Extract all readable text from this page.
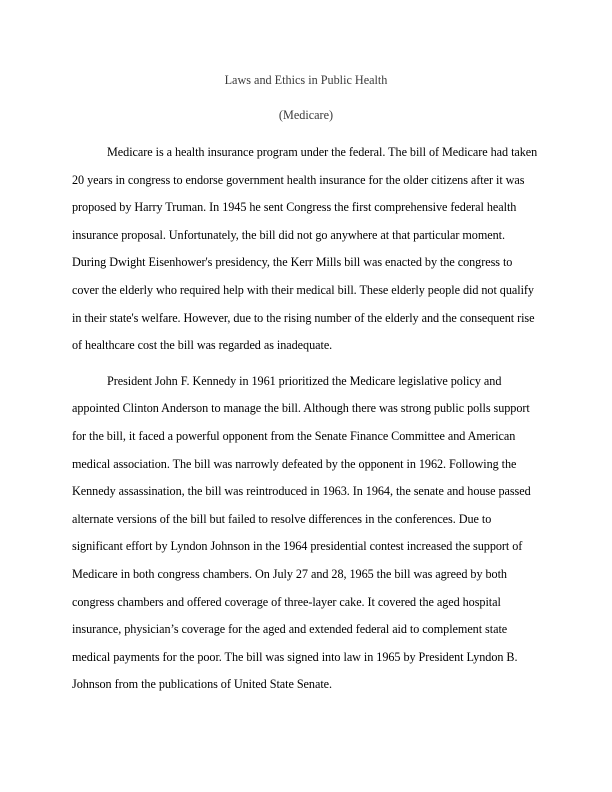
Laws and Ethics in Public Health

(Medicare)

Medicare is a health insurance program under the federal. The bill of Medicare had taken
20 years in congress to endorse government health insurance for the older citizens after it was
proposed by Harry Truman. In 1945 he sent Congress the first comprehensive federal health
insurance proposal. Unfortunately, the bill did not go anywhere at that particular moment.
During Dwight Eisenhower's presidency, the Kerr Mills bill was enacted by the congress to
cover the elderly who required help with their medical bill. These elderly people did not qualify
in their state's welfare. However, due to the rising number of the elderly and the consequent rise
of healthcare cost the bill was regarded as inadequate.

President John F. Kennedy in 1961 prioritized the Medicare legislative policy and
appointed Clinton Anderson to manage the bill. Although there was strong public polls support
for the bill, it faced a powerful opponent from the Senate Finance Committee and American
medical association. The bill was narrowly defeated by the opponent in 1962. Following the
Kennedy assassination, the bill was reintroduced in 1963. In 1964, the senate and house passed
alternate versions of the bill but failed to resolve differences in the conferences. Due to
significant effort by Lyndon Johnson in the 1964 presidential contest increased the support of
Medicare in both congress chambers. On July 27 and 28, 1965 the bill was agreed by both
congress chambers and offered coverage of three-layer cake. It covered the aged hospital
insurance, physician’s coverage for the aged and extended federal aid to complement state
medical payments for the poor. The bill was signed into law in 1965 by President Lyndon B.
Johnson from the publications of United State Senate.
